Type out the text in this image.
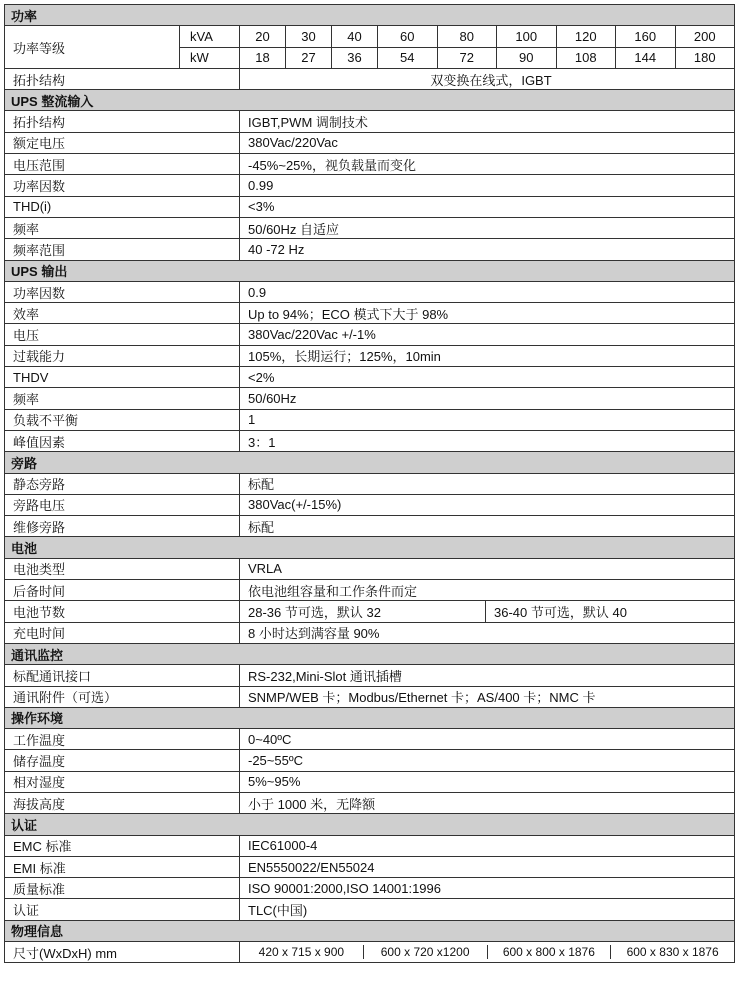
功率
功率等级
kVA	20	30	40	60	80	100	120	160	200
kW	18	27	36	54	72	90	108	144	180
拓扑结构	双变换在线式，IGBT
UPS 整流输入
拓扑结构	IGBT,PWM 调制技术
额定电压	380Vac/220Vac
电压范围	-45%~25%，视负载量而变化
功率因数	0.99
THD(i)	<3%
频率	50/60Hz 自适应
频率范围	40 -72 Hz
UPS 输出
功率因数	0.9
效率	Up to 94%；ECO 模式下大于 98%
电压	380Vac/220Vac +/-1%
过载能力	105%，长期运行；125%，10min
THDV	<2%
频率	50/60Hz
负载不平衡	1
峰值因素	3：1
旁路
静态旁路	标配
旁路电压	380Vac(+/-15%)
维修旁路	标配
电池
电池类型	VRLA
后备时间	依电池组容量和工作条件而定
电池节数	28-36 节可选，默认 32	36-40 节可选，默认 40
充电时间	8 小时达到满容量 90%
通讯监控
标配通讯接口	RS-232,Mini-Slot 通讯插槽
通讯附件（可选）	SNMP/WEB 卡；Modbus/Ethernet 卡；AS/400 卡；NMC 卡
操作环境
工作温度	0~40ºC
储存温度	-25~55ºC
相对湿度	5%~95%
海拔高度	小于 1000 米，无降额
认证
EMC 标准	IEC61000-4
EMI 标准	EN5550022/EN55024
质量标准	ISO 90001:2000,ISO 14001:1996
认证	TLC(中国)
物理信息
尺寸(WxDxH) mm	420 x 715 x 900	600 x 720 x1200	600 x 800 x 1876	600 x 830 x 1876
